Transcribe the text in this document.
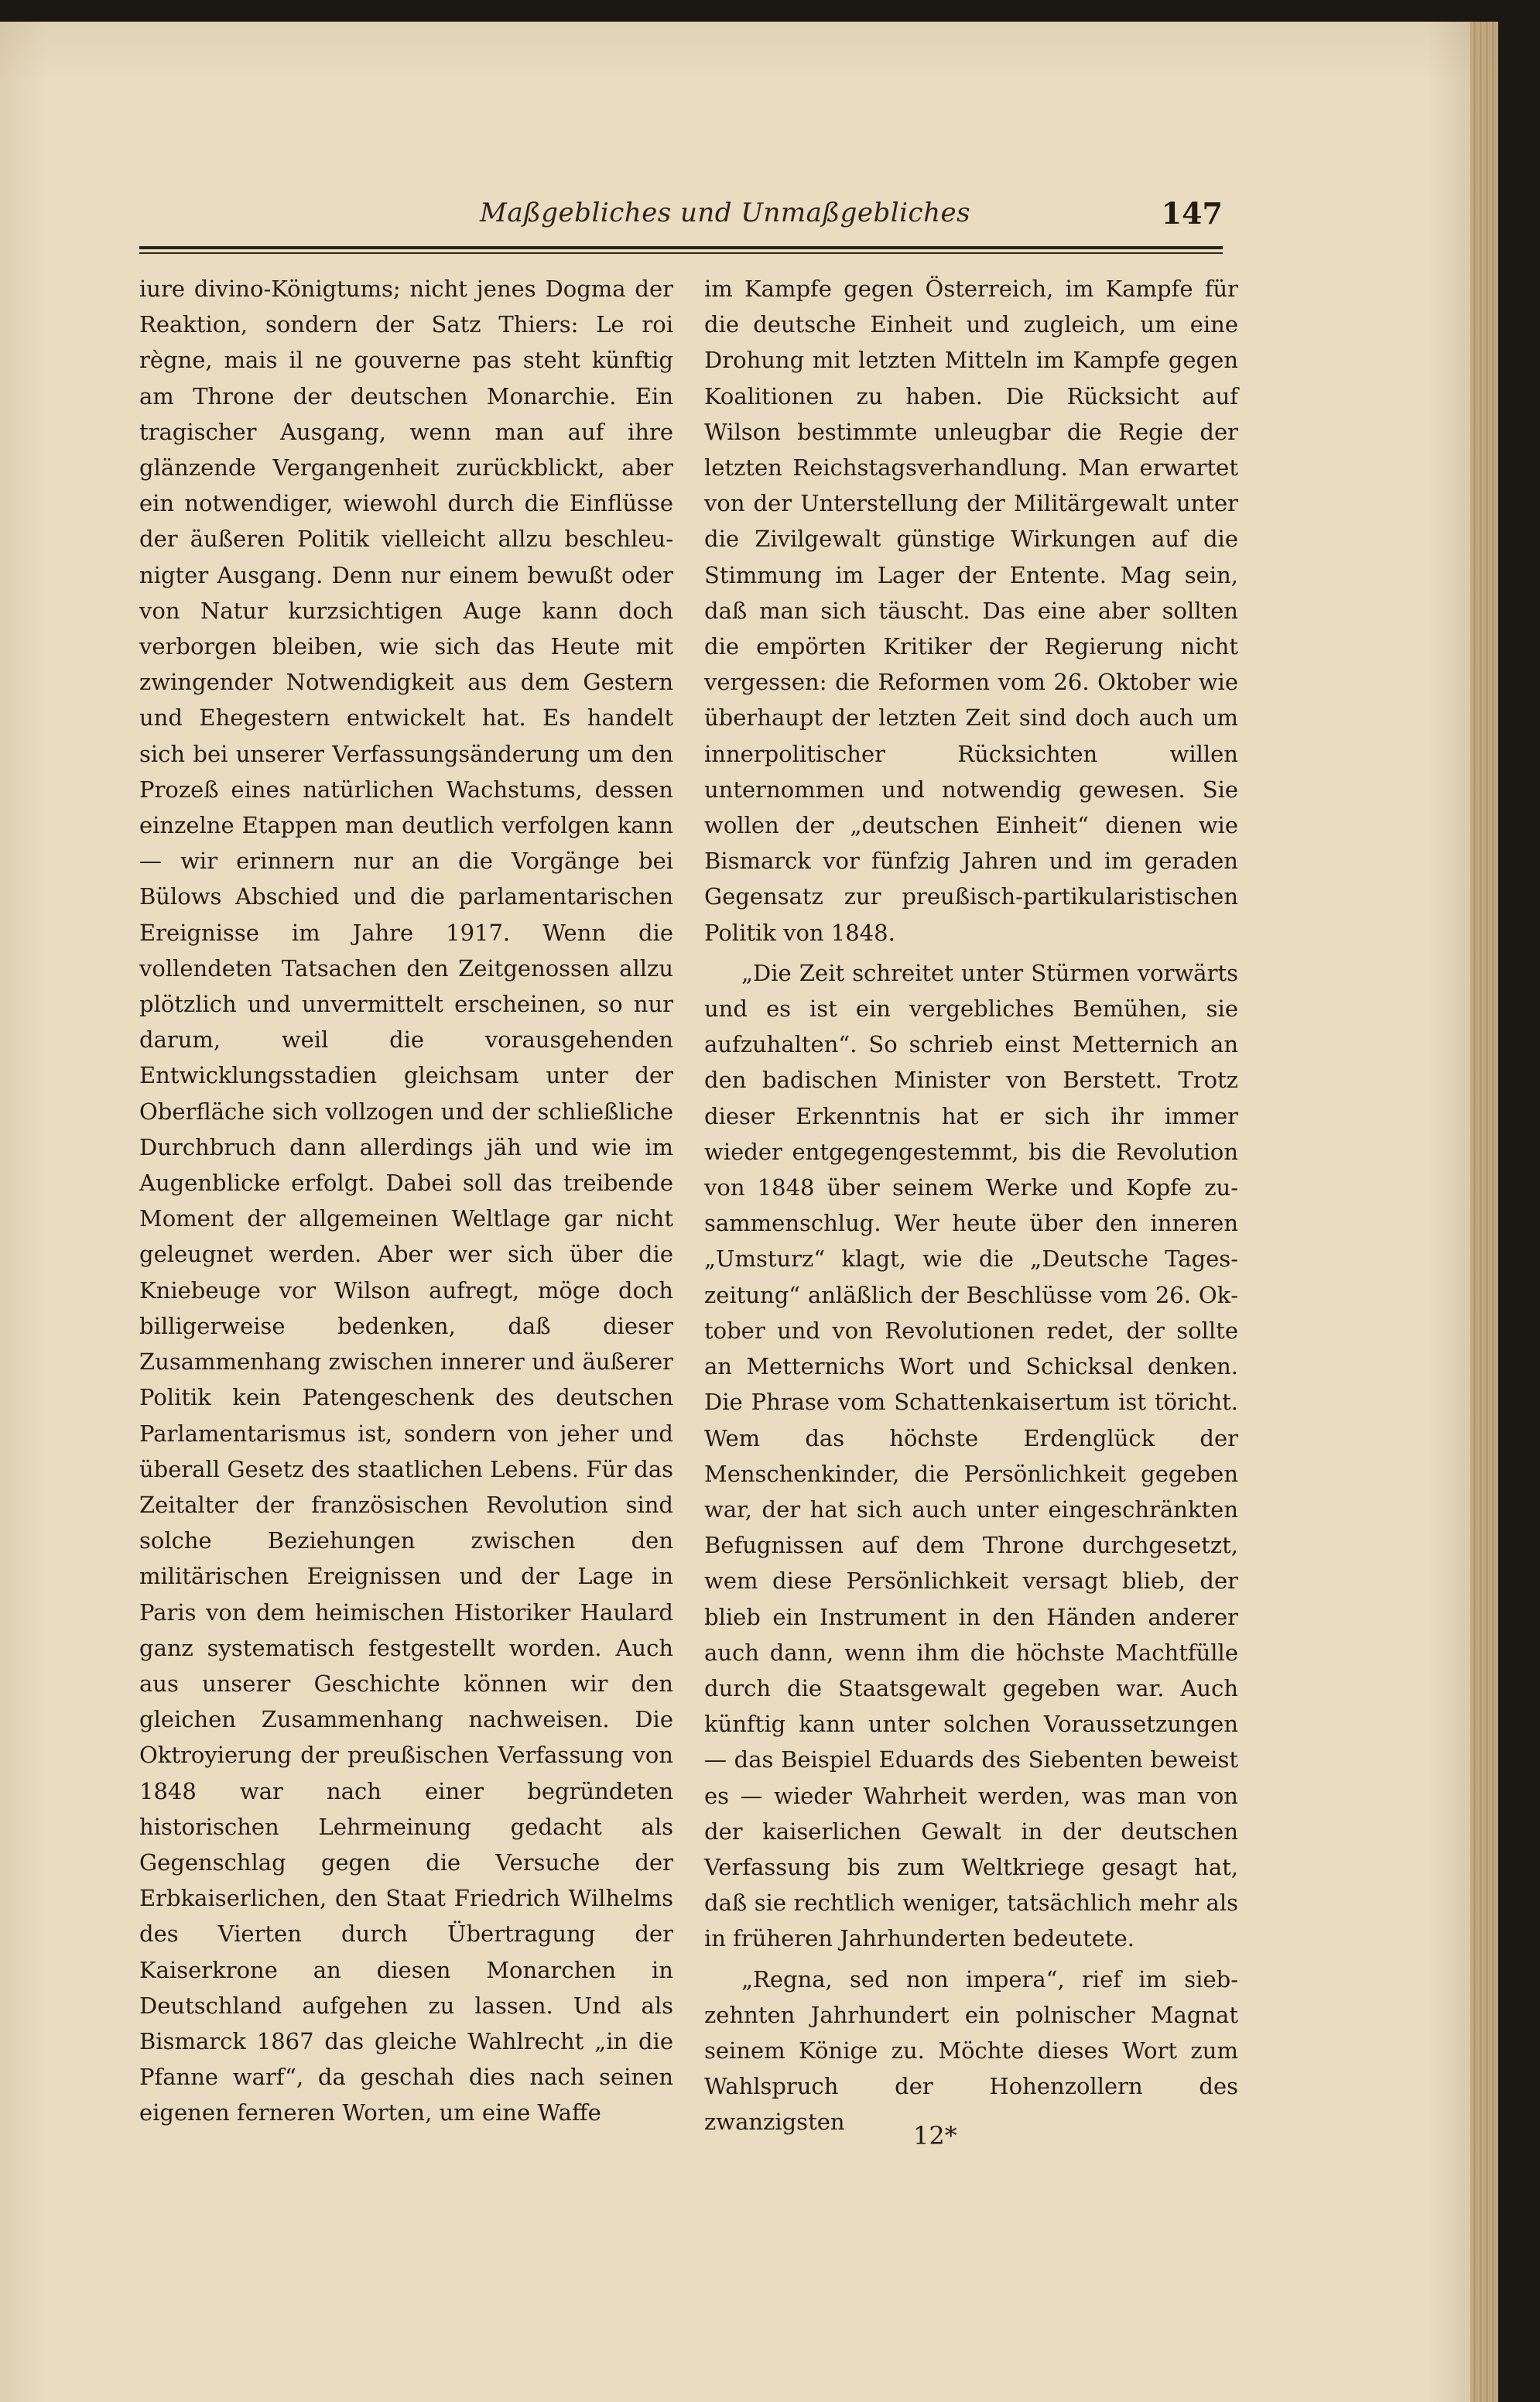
Maßgebliches und Unmaßgebliches	147

iure divino-Königtums; nicht jenes Dogma der Reaktion, sondern der Satz Thiers: Le roi règne, mais il ne gouverne pas steht künftig am Throne der deutschen Monarchie. Ein tragischer Ausgang, wenn man auf ihre glänzende Vergangenheit zurückblickt, aber ein notwendiger, wiewohl durch die Einflüsse der äußeren Politik vielleicht allzu beschleunigter Ausgang. Denn nur einem bewußt oder von Natur kurzsichtigen Auge kann doch verborgen bleiben, wie sich das Heute mit zwingender Notwendigkeit aus dem Gestern und Ehegestern entwickelt hat. Es handelt sich bei unserer Verfassungsänderung um den Prozeß eines natürlichen Wachstums, dessen einzelne Etappen man deutlich verfolgen kann — wir erinnern nur an die Vorgänge bei Bülows Abschied und die parlamentarischen Ereignisse im Jahre 1917. Wenn die vollendeten Tatsachen den Zeitgenossen allzu plötzlich und unvermittelt erscheinen, so nur darum, weil die vorausgehenden Entwicklungsstadien gleichsam unter der Oberfläche sich vollzogen und der schließliche Durchbruch dann allerdings jäh und wie im Augenblicke erfolgt. Dabei soll das treibende Moment der allgemeinen Weltlage gar nicht geleugnet werden. Aber wer sich über die Kniebeuge vor Wilson aufregt, möge doch billigerweise bedenken, daß dieser Zusammenhang zwischen innerer und äußerer Politik kein Patengeschenk des deutschen Parlamentarismus ist, sondern von jeher und überall Gesetz des staatlichen Lebens. Für das Zeitalter der französischen Revolution sind solche Beziehungen zwischen den militärischen Ereignissen und der Lage in Paris von dem heimischen Historiker Haulard ganz systematisch festgestellt worden. Auch aus unserer Geschichte können wir den gleichen Zusammenhang nachweisen. Die Oktroyierung der preußischen Verfassung von 1848 war nach einer begründeten historischen Lehrmeinung gedacht als Gegenschlag gegen die Versuche der Erbkaiserlichen, den Staat Friedrich Wilhelms des Vierten durch Übertragung der Kaiserkrone an diesen Monarchen in Deutschland aufgehen zu lassen. Und als Bismarck 1867 das gleiche Wahlrecht „in die Pfanne warf“, da geschah dies nach seinen eigenen ferneren Worten, um eine Waffe

im Kampfe gegen Österreich, im Kampfe für die deutsche Einheit und zugleich, um eine Drohung mit letzten Mitteln im Kampfe gegen Koalitionen zu haben. Die Rücksicht auf Wilson bestimmte unleugbar die Regie der letzten Reichstagsverhandlung. Man erwartet von der Unterstellung der Militärgewalt unter die Zivilgewalt günstige Wirkungen auf die Stimmung im Lager der Entente. Mag sein, daß man sich täuscht. Das eine aber sollten die empörten Kritiker der Regierung nicht vergessen: die Reformen vom 26. Oktober wie überhaupt der letzten Zeit sind doch auch um innerpolitischer Rücksichten willen unternommen und notwendig gewesen. Sie wollen der „deutschen Einheit“ dienen wie Bismarck vor fünfzig Jahren und im geraden Gegensatz zur preußisch-partikularistischen Politik von 1848.

„Die Zeit schreitet unter Stürmen vorwärts und es ist ein vergebliches Bemühen, sie aufzuhalten“. So schrieb einst Metternich an den badischen Minister von Berstett. Trotz dieser Erkenntnis hat er sich ihr immer wieder entgegengestemmt, bis die Revolution von 1848 über seinem Werke und Kopfe zusammenschlug. Wer heute über den inneren „Umsturz“ klagt, wie die „Deutsche Tageszeitung“ anläßlich der Beschlüsse vom 26. Oktober und von Revolutionen redet, der sollte an Metternichs Wort und Schicksal denken. Die Phrase vom Schattenkaisertum ist töricht. Wem das höchste Erdenglück der Menschenkinder, die Persönlichkeit gegeben war, der hat sich auch unter eingeschränkten Befugnissen auf dem Throne durchgesetzt, wem diese Persönlichkeit versagt blieb, der blieb ein Instrument in den Händen anderer auch dann, wenn ihm die höchste Machtfülle durch die Staatsgewalt gegeben war. Auch künftig kann unter solchen Voraussetzungen — das Beispiel Eduards des Siebenten beweist es — wieder Wahrheit werden, was man von der kaiserlichen Gewalt in der deutschen Verfassung bis zum Weltkriege gesagt hat, daß sie rechtlich weniger, tatsächlich mehr als in früheren Jahrhunderten bedeutete.

„Regna, sed non impera“, rief im siebzehnten Jahrhundert ein polnischer Magnat seinem Könige zu. Möchte dieses Wort zum Wahlspruch der Hohenzollern des zwanzigsten	12*
